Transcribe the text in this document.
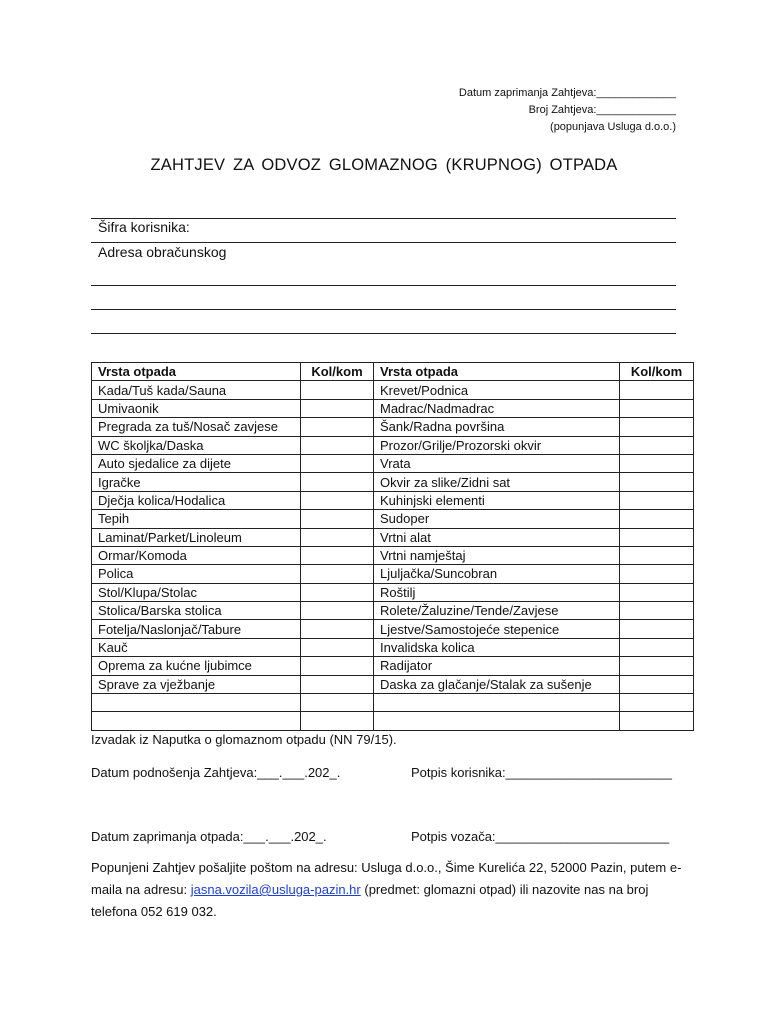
Datum zaprimanja Zahtjeva:_____________
Broj Zahtjeva:_____________
(popunjava Usluga d.o.o.)
ZAHTJEV ZA ODVOZ GLOMAZNOG (KRUPNOG) OTPADA
Šifra korisnika:
Adresa obračunskog
Vrsta otpada	Kol/kom	Vrsta otpada	Kol/kom
Kada/Tuš kada/Sauna		Krevet/Podnica	
Umivaonik		Madrac/Nadmadrac	
Pregrada za tuš/Nosač zavjese		Šank/Radna površina	
WC školjka/Daska		Prozor/Grilje/Prozorski okvir	
Auto sjedalice za dijete		Vrata	
Igračke		Okvir za slike/Zidni sat	
Dječja kolica/Hodalica		Kuhinjski elementi	
Tepih		Sudoper	
Laminat/Parket/Linoleum		Vrtni alat	
Ormar/Komoda		Vrtni namještaj	
Polica		Ljuljačka/Suncobran	
Stol/Klupa/Stolac		Roštilj	
Stolica/Barska stolica		Rolete/Žaluzine/Tende/Zavjese	
Fotelja/Naslonjač/Tabure		Ljestve/Samostojeće stepenice	
Kauč		Invalidska kolica	
Oprema za kućne ljubimce		Radijator	
Sprave za vježbanje		Daska za glačanje/Stalak za sušenje	

Izvadak iz Naputka o glomaznom otpadu (NN 79/15).
Datum podnošenja Zahtjeva:___.___.202_.	Potpis korisnika:_______________________
Datum zaprimanja otpada:___.___.202_.	Potpis vozača:________________________
Popunjeni Zahtjev pošaljite poštom na adresu: Usluga d.o.o., Šime Kurelića 22, 52000 Pazin, putem e-maila na adresu: jasna.vozila@usluga-pazin.hr (predmet: glomazni otpad) ili nazovite nas na broj telefona 052 619 032.
